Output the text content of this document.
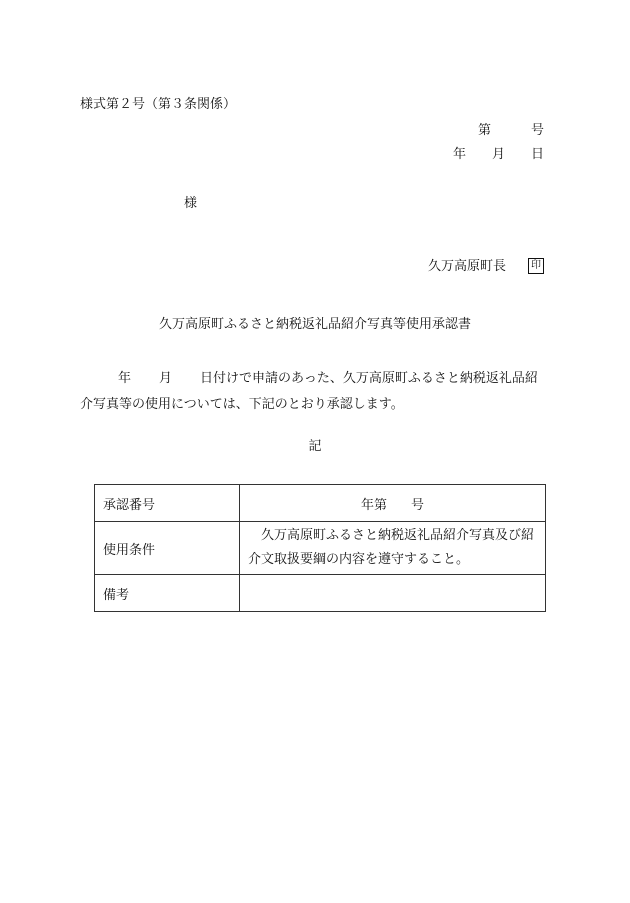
様式第２号（第３条関係）
第	号
年 月 日
様
久万高原町長	印
久万高原町ふるさと納税返礼品紹介写真等使用承認書
年 月 日付けで申請のあった、久万高原町ふるさと納税返礼品紹介写真等の使用については、下記のとおり承認します。
記
承認番号	年第 号
使用条件	　久万高原町ふるさと納税返礼品紹介写真及び紹介文取扱要綱の内容を遵守すること。
備考	
